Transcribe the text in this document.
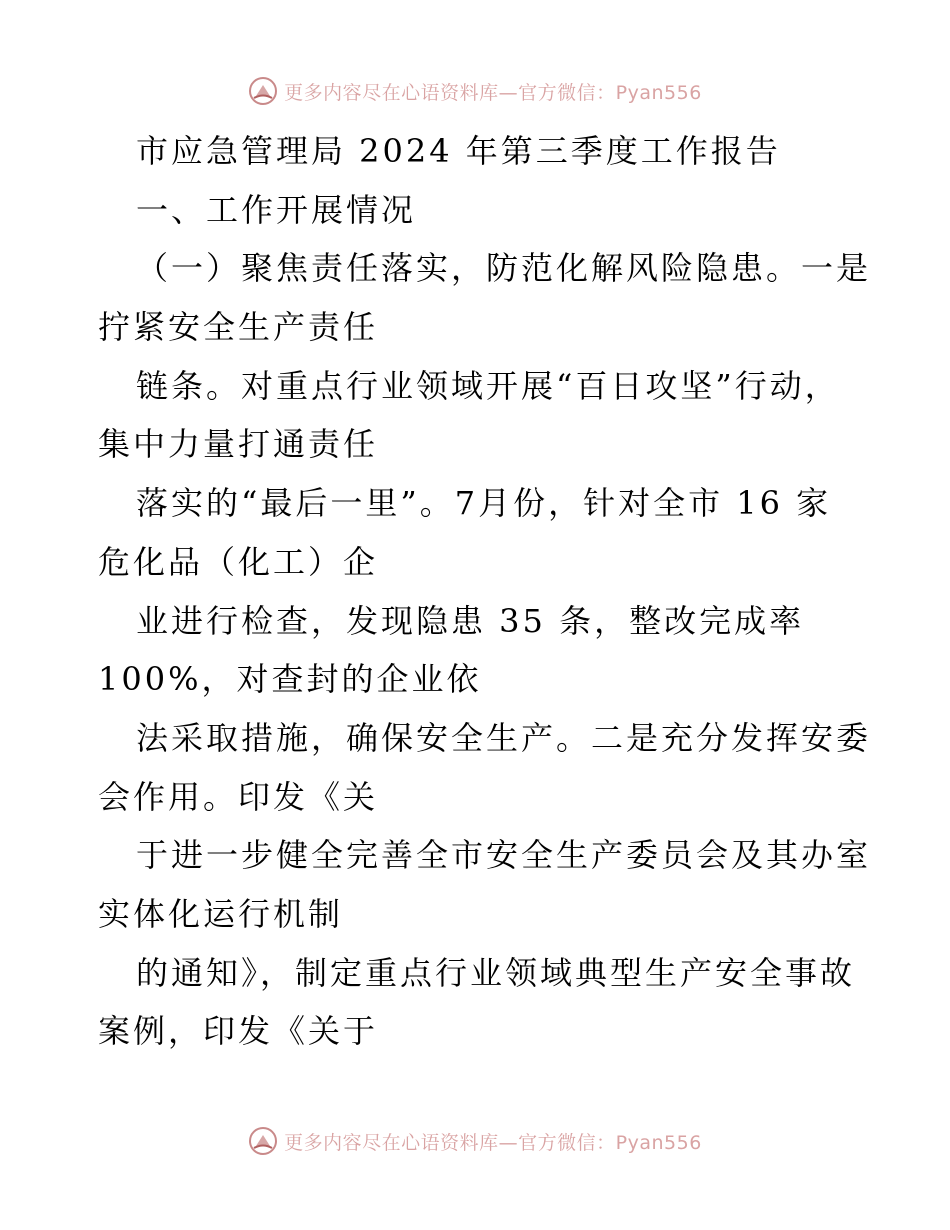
更多内容尽在心语资料库—官方微信：Pyan556
市应急管理局 2024 年第三季度工作报告
一、工作开展情况
（一）聚焦责任落实，防范化解风险隐患。一是
拧紧安全生产责任
链条。对重点行业领域开展“百日攻坚”行动，
集中力量打通责任
落实的“最后一里”。7月份，针对全市 16 家
危化品（化工）企
业进行检查，发现隐患 35 条，整改完成率
100%，对查封的企业依
法采取措施，确保安全生产。二是充分发挥安委
会作用。印发《关
于进一步健全完善全市安全生产委员会及其办室
实体化运行机制
的通知》，制定重点行业领域典型生产安全事故
案例，印发《关于
更多内容尽在心语资料库—官方微信：Pyan556
